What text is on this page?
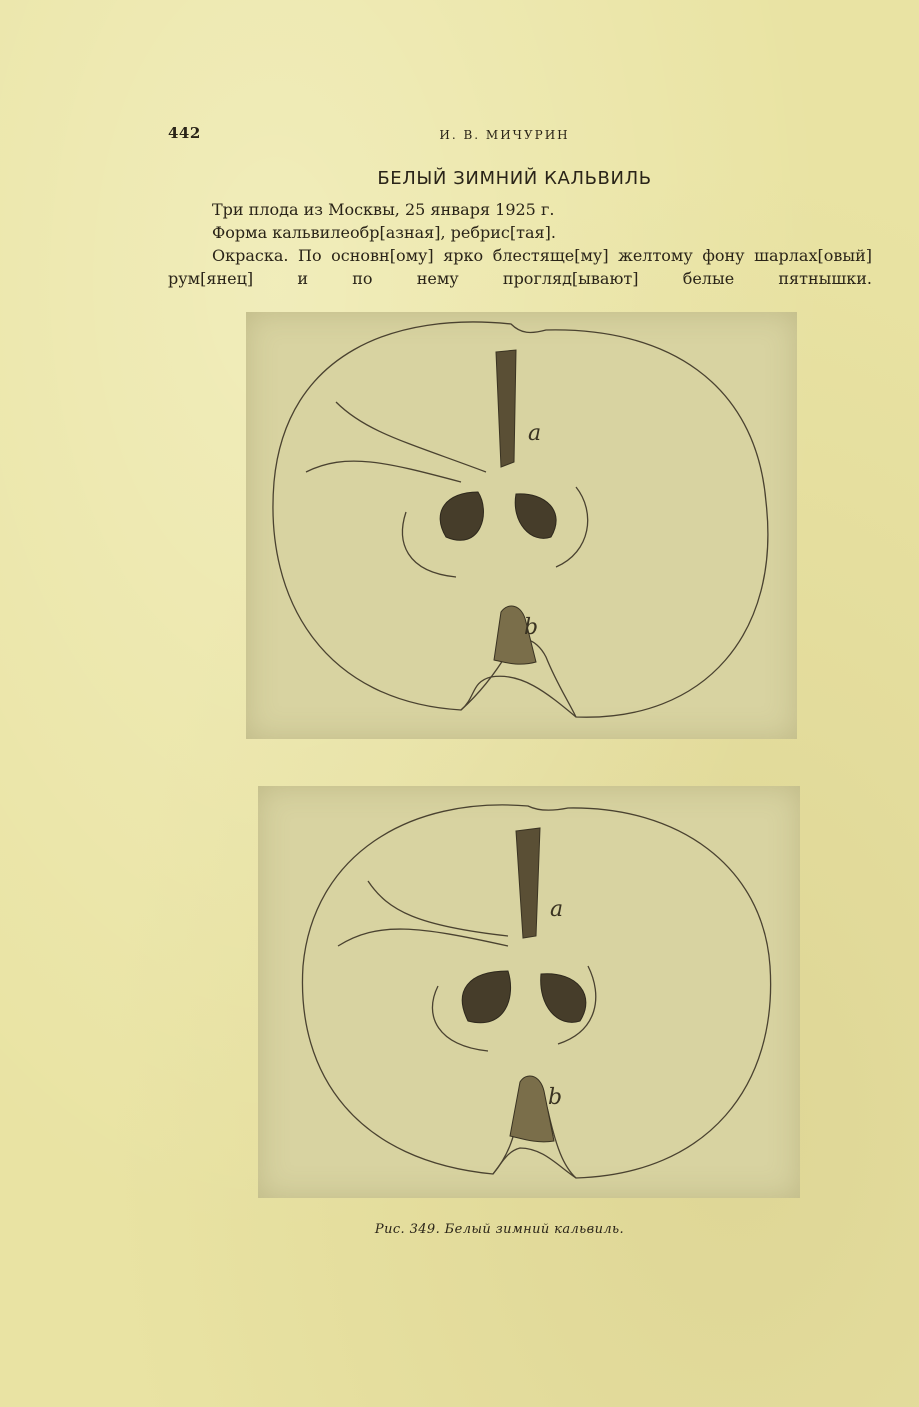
442	И. В. МИЧУРИН
БЕЛЫЙ ЗИМНИЙ КАЛЬВИЛЬ
Три плода из Москвы, 25 января 1925 г.
Форма кальвилеобр[азная], ребрис[тая].
Окраска. По основн[ому] ярко блестяще[му] желтому фону шарлах[овый] рум[янец] и по нему прогляд[ывают] белые пятнышки.
a
b
a
b
Рис. 349. Белый зимний кальвиль.
